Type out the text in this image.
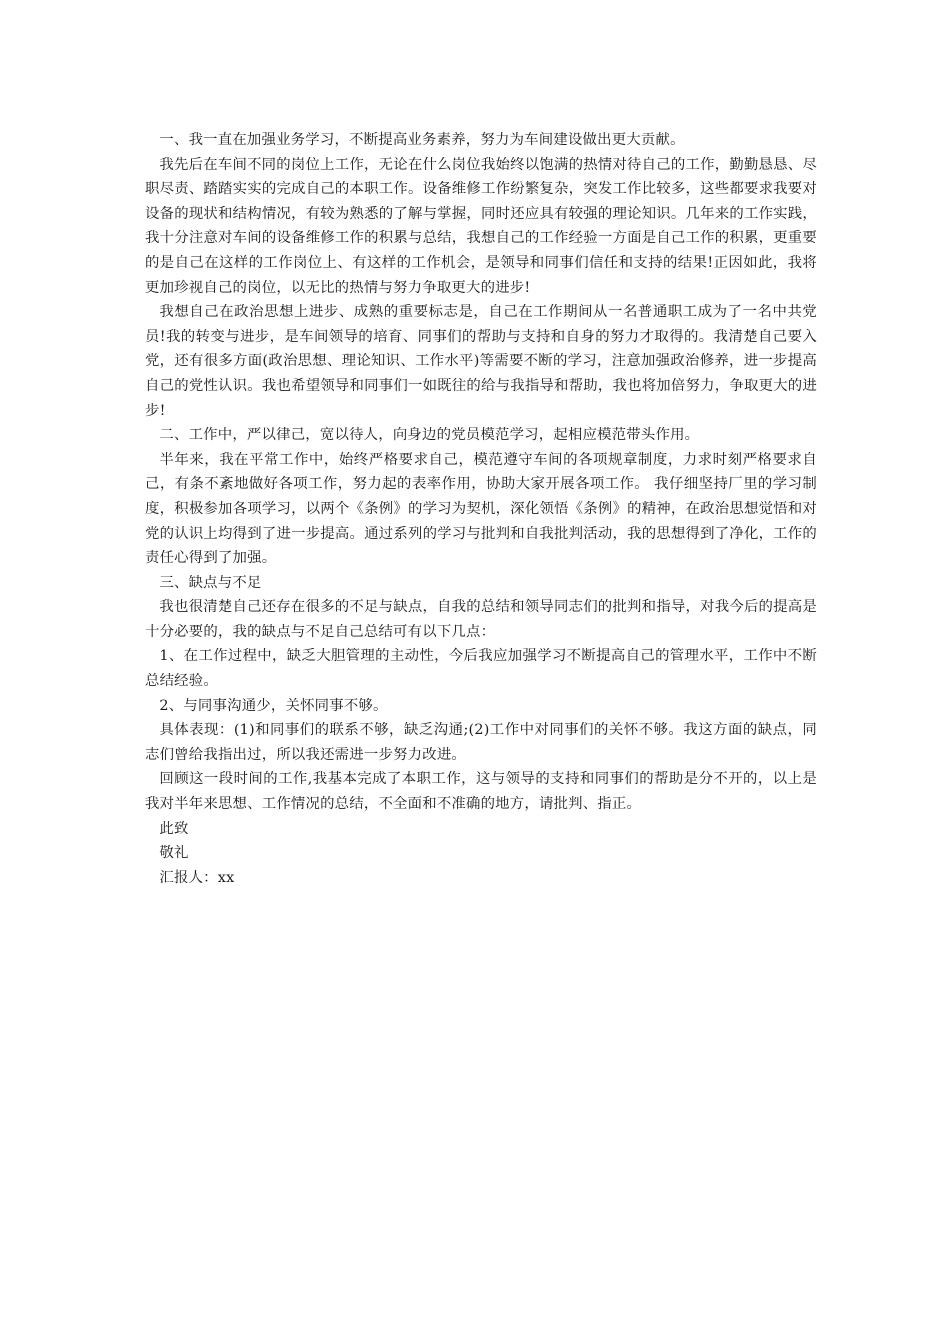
一、我一直在加强业务学习，不断提高业务素养，努力为车间建设做出更大贡献。

我先后在车间不同的岗位上工作，无论在什么岗位我始终以饱满的热情对待自己的工作，勤勤恳恳、尽职尽责、踏踏实实的完成自己的本职工作。设备维修工作纷繁复杂，突发工作比较多，这些都要求我要对设备的现状和结构情况，有较为熟悉的了解与掌握，同时还应具有较强的理论知识。几年来的工作实践，我十分注意对车间的设备维修工作的积累与总结，我想自己的工作经验一方面是自己工作的积累，更重要的是自己在这样的工作岗位上、有这样的工作机会，是领导和同事们信任和支持的结果!正因如此，我将更加珍视自己的岗位，以无比的热情与努力争取更大的进步!

我想自己在政治思想上进步、成熟的重要标志是，自己在工作期间从一名普通职工成为了一名中共党员!我的转变与进步，是车间领导的培育、同事们的帮助与支持和自身的努力才取得的。我清楚自己要入党，还有很多方面(政治思想、理论知识、工作水平)等需要不断的学习，注意加强政治修养，进一步提高自己的党性认识。我也希望领导和同事们一如既往的给与我指导和帮助，我也将加倍努力，争取更大的进步!

二、工作中，严以律己，宽以待人，向身边的党员模范学习，起相应模范带头作用。

半年来，我在平常工作中，始终严格要求自己，模范遵守车间的各项规章制度，力求时刻严格要求自己，有条不紊地做好各项工作，努力起的表率作用，协助大家开展各项工作。 我仔细坚持厂里的学习制度，积极参加各项学习，以两个《条例》的学习为契机，深化领悟《条例》的精神，在政治思想觉悟和对党的认识上均得到了进一步提高。通过系列的学习与批判和自我批判活动，我的思想得到了净化，工作的责任心得到了加强。

三、缺点与不足

我也很清楚自己还存在很多的不足与缺点，自我的总结和领导同志们的批判和指导，对我今后的提高是十分必要的，我的缺点与不足自己总结可有以下几点：

1、在工作过程中，缺乏大胆管理的主动性，今后我应加强学习不断提高自己的管理水平，工作中不断总结经验。

2、与同事沟通少，关怀同事不够。

具体表现：(1)和同事们的联系不够，缺乏沟通;(2)工作中对同事们的关怀不够。我这方面的缺点，同志们曾给我指出过，所以我还需进一步努力改进。

回顾这一段时间的工作,我基本完成了本职工作，这与领导的支持和同事们的帮助是分不开的，以上是我对半年来思想、工作情况的总结，不全面和不准确的地方，请批判、指正。

此致

敬礼

汇报人：xx
